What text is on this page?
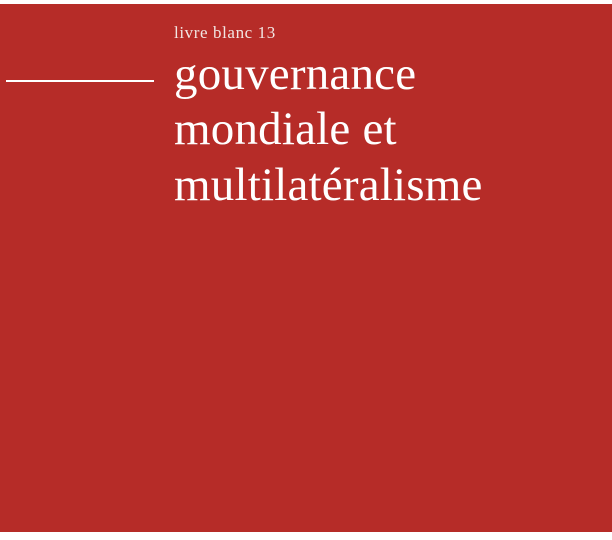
livre blanc 13

gouvernance
mondiale et
multilatéralisme
